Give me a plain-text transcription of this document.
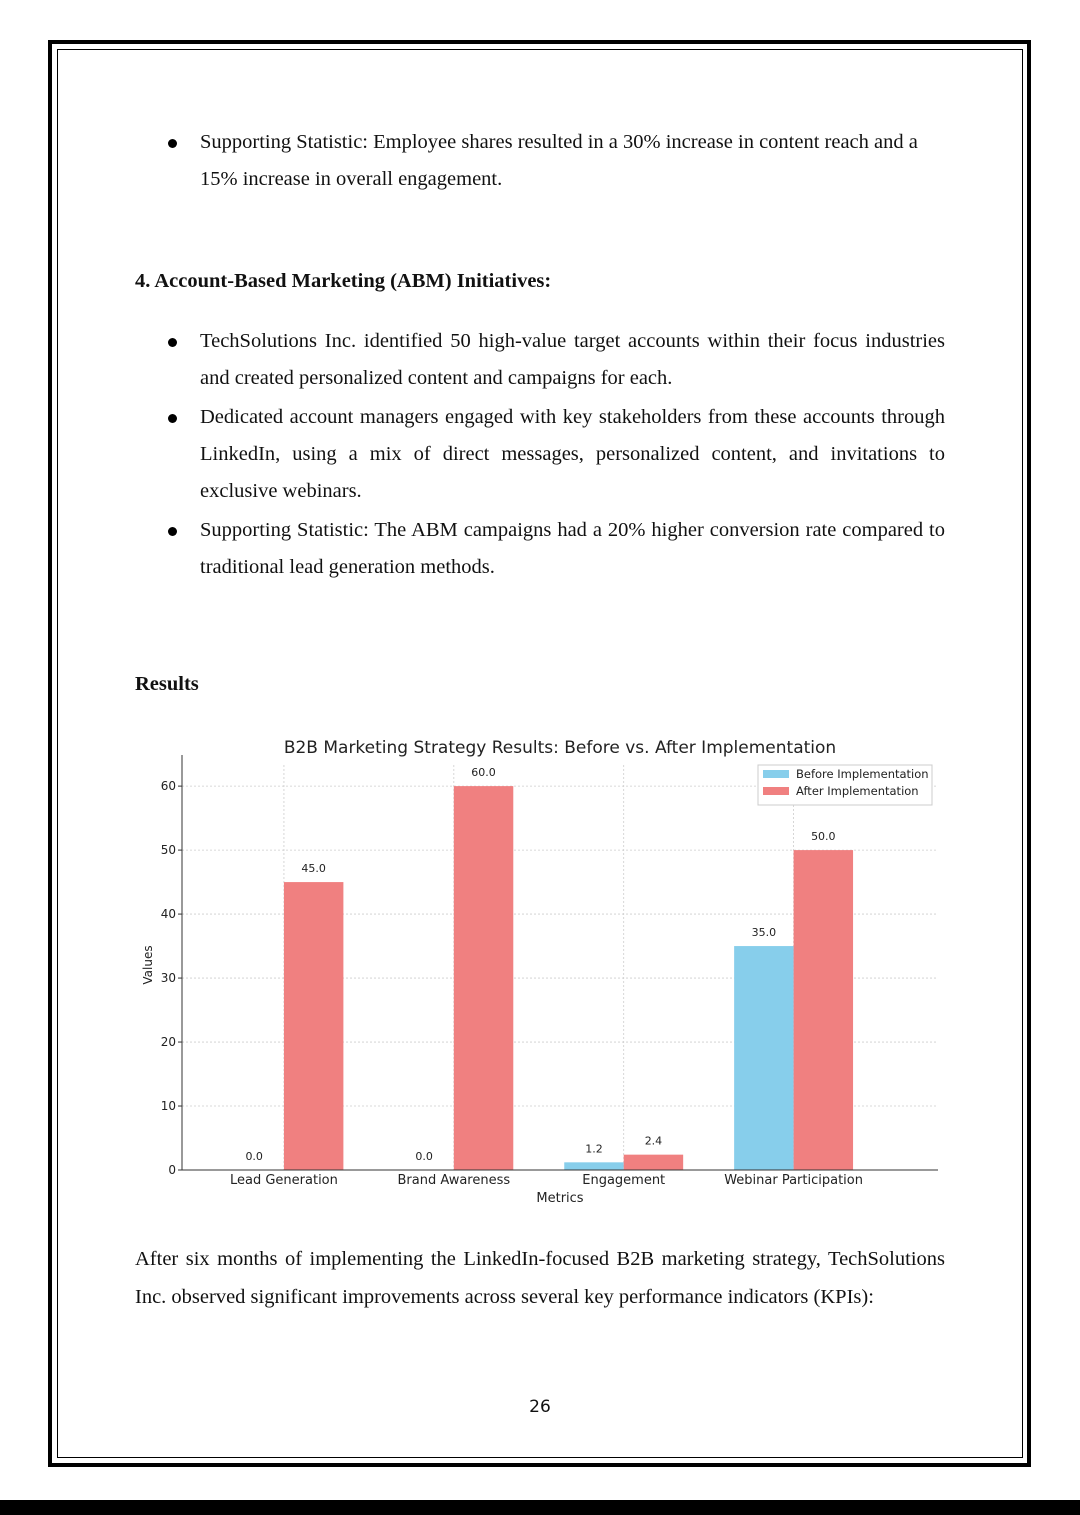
Supporting Statistic: Employee shares resulted in a 30% increase in content reach and a 15% increase in overall engagement.
4. Account-Based Marketing (ABM) Initiatives:
TechSolutions Inc. identified 50 high-value target accounts within their focus industries and created personalized content and campaigns for each.
Dedicated account managers engaged with key stakeholders from these accounts through LinkedIn, using a mix of direct messages, personalized content, and invitations to exclusive webinars.
Supporting Statistic: The ABM campaigns had a 20% higher conversion rate compared to traditional lead generation methods.
Results
0.0	0.0
1.2
35.0
45.0
60.0
2.4
50.0
0
10
20
30
40
50
60
Lead Generation	Brand Awareness	Engagement	Webinar Participation
Metrics
Values
B2B Marketing Strategy Results: Before vs. After Implementation
Before Implementation
After Implementation
After six months of implementing the LinkedIn-focused B2B marketing strategy, TechSolutions Inc. observed significant improvements across several key performance indicators (KPIs):
26
